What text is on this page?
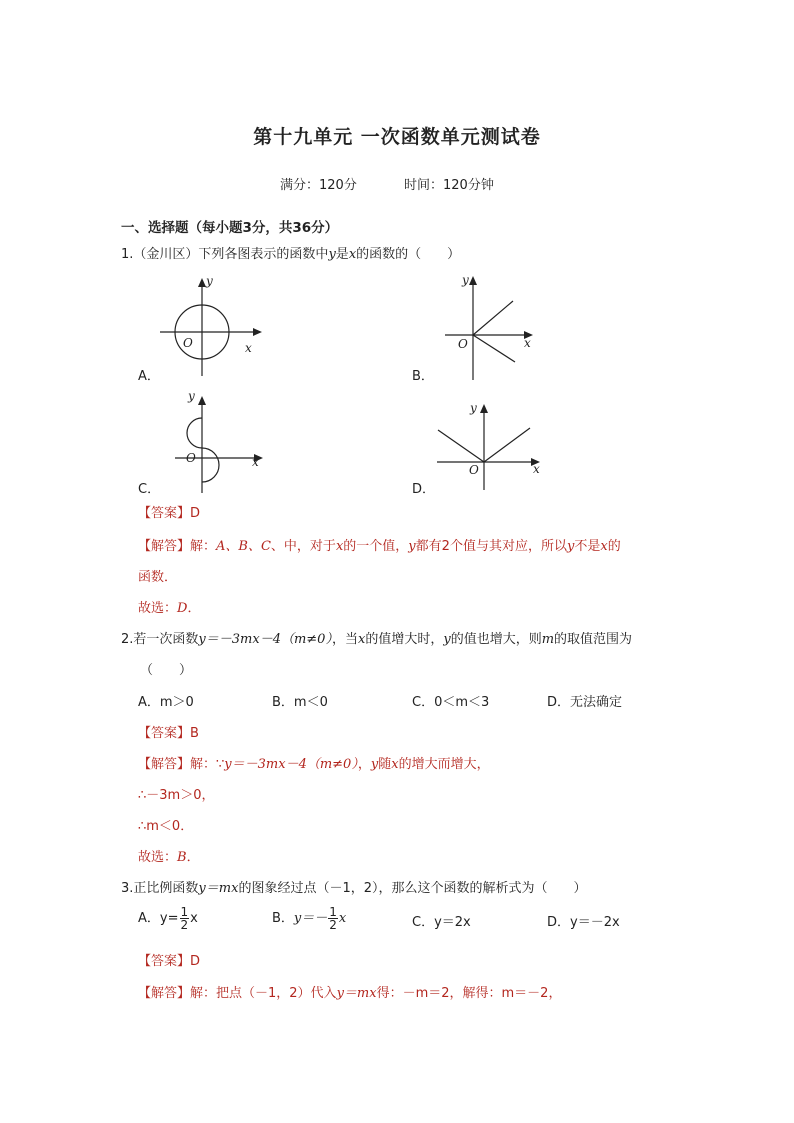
第十九单元 一次函数单元测试卷
满分：120分	时间：120分钟
一、选择题（每小题3分，共36分）
1.（金川区）下列各图表示的函数中y是x的函数的（　　）
O	x
y
A．
O	x
y
B．
O	x
y
C．
O	x
y
D．
【答案】D
【解答】解：A、B、C、中，对于x的一个值，y都有2个值与其对应，所以y不是x的
函数．
故选：D．
2.若一次函数y＝－3mx－4（m≠0），当x的值增大时，y的值也增大，则m的取值范围为
（　　）
A．m＞0	B．m＜0	C．0＜m＜3	D．无法确定
【答案】B
【解答】解：∵y＝－3mx－4（m≠0），y随x的增大而增大，
∴－3m＞0，
∴m＜0．
故选：B．
3.正比例函数y＝mx的图象经过点（－1，2），那么这个函数的解析式为（　　）
A．$y= \frac{1}{2}$ x	B．$y=- \frac{1}{2}$ x	C．y＝2x	D．y＝－2x
【答案】D
【解答】解：把点（－1，2）代入y＝mx得：－m＝2，解得：m＝－2，
